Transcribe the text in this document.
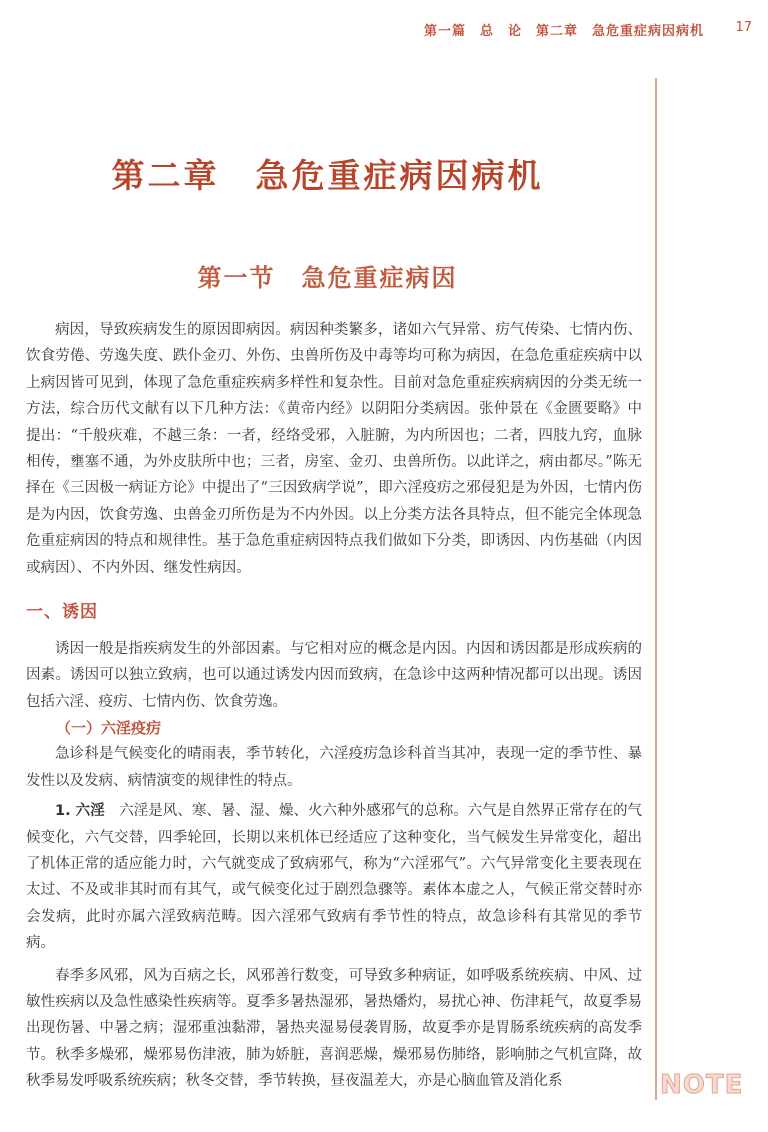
第一篇　总　论　第二章　急危重症病因病机 17
第二章　急危重症病因病机
第一节　急危重症病因

病因，导致疾病发生的原因即病因。病因种类繁多，诸如六气异常、疠气传染、七情内伤、饮食劳倦、劳逸失度、跌仆金刃、外伤、虫兽所伤及中毒等均可称为病因，在急危重症疾病中以上病因皆可见到，体现了急危重症疾病多样性和复杂性。目前对急危重症疾病病因的分类无统一方法，综合历代文献有以下几种方法：《黄帝内经》以阴阳分类病因。张仲景在《金匮要略》中提出：“千般疢难，不越三条：一者，经络受邪，入脏腑，为内所因也；二者，四肢九窍，血脉相传，壅塞不通，为外皮肤所中也；三者，房室、金刃、虫兽所伤。以此详之，病由都尽。”陈无择在《三因极一病证方论》中提出了“三因致病学说”，即六淫疫疠之邪侵犯是为外因，七情内伤是为内因，饮食劳逸、虫兽金刃所伤是为不内外因。以上分类方法各具特点，但不能完全体现急危重症病因的特点和规律性。基于急危重症病因特点我们做如下分类，即诱因、内伤基础（内因或病因）、不内外因、继发性病因。

一、诱因

诱因一般是指疾病发生的外部因素。与它相对应的概念是内因。内因和诱因都是形成疾病的因素。诱因可以独立致病，也可以通过诱发内因而致病，在急诊中这两种情况都可以出现。诱因包括六淫、疫疠、七情内伤、饮食劳逸。

（一）六淫疫疠

急诊科是气候变化的晴雨表，季节转化，六淫疫疠急诊科首当其冲，表现一定的季节性、暴发性以及发病、病情演变的规律性的特点。

1. 六淫　六淫是风、寒、暑、湿、燥、火六种外感邪气的总称。六气是自然界正常存在的气候变化，六气交替，四季轮回，长期以来机体已经适应了这种变化，当气候发生异常变化，超出了机体正常的适应能力时，六气就变成了致病邪气，称为“六淫邪气”。六气异常变化主要表现在太过、不及或非其时而有其气，或气候变化过于剧烈急骤等。素体本虚之人，气候正常交替时亦会发病，此时亦属六淫致病范畴。因六淫邪气致病有季节性的特点，故急诊科有其常见的季节病。

春季多风邪，风为百病之长，风邪善行数变，可导致多种病证，如呼吸系统疾病、中风、过敏性疾病以及急性感染性疾病等。夏季多暑热湿邪，暑热燔灼，易扰心神、伤津耗气，故夏季易出现伤暑、中暑之病；湿邪重浊黏滞，暑热夹湿易侵袭胃肠，故夏季亦是胃肠系统疾病的高发季节。秋季多燥邪，燥邪易伤津液，肺为娇脏，喜润恶燥，燥邪易伤肺络，影响肺之气机宣降，故秋季易发呼吸系统疾病；秋冬交替，季节转换，昼夜温差大，亦是心脑血管及消化系	NOTE
